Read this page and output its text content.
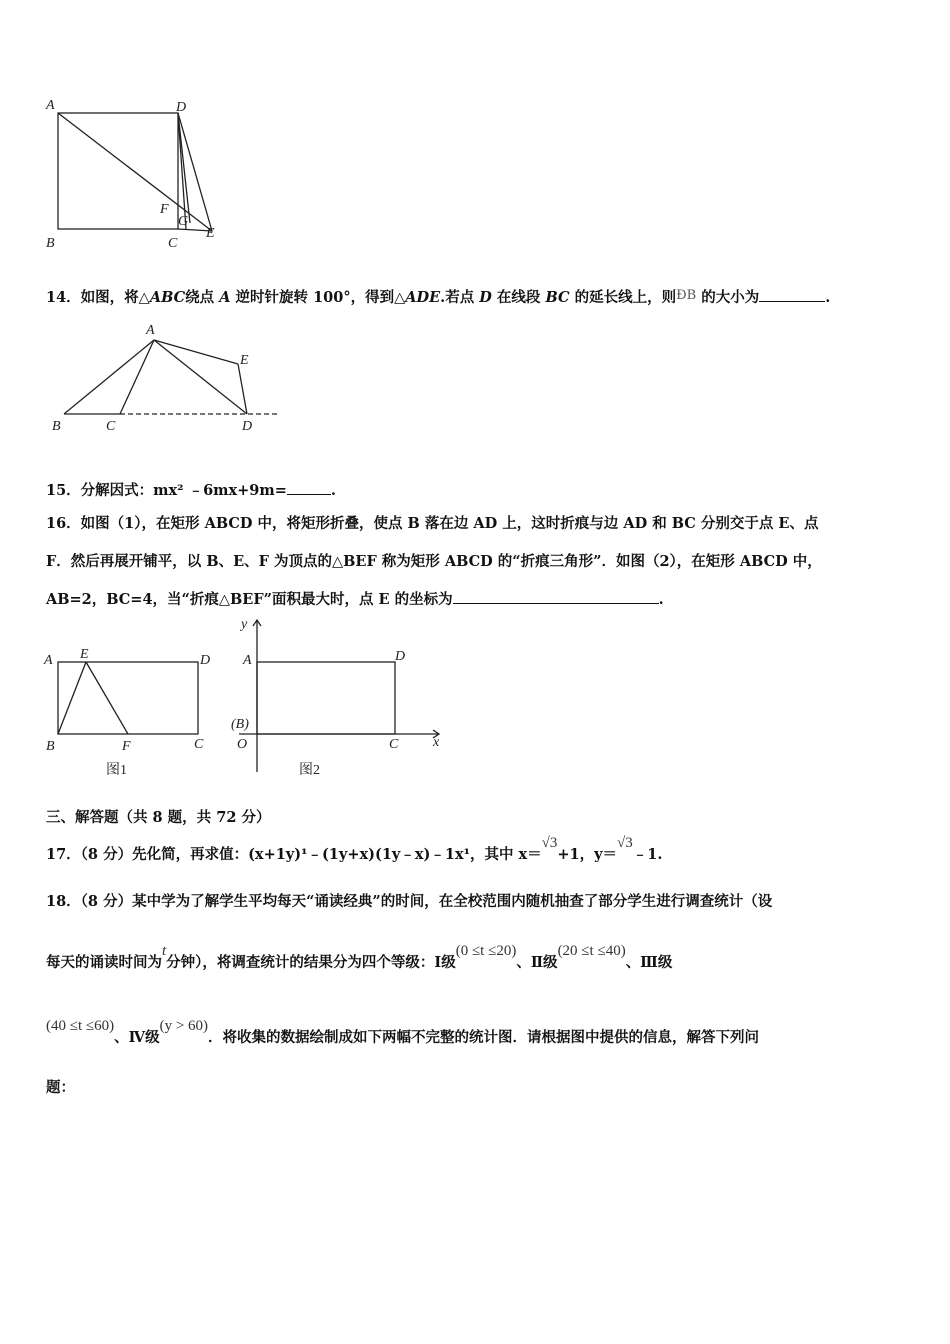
A	D
F
G
E
B	C
14．如图，将△ABC绕点 A 逆时针旋转 100°，得到△ADE.若点 D 在线段 BC 的延长线上，则ÐB 的大小为	.
A
E
B	C	D
15．分解因式：mx² ﹣6mx+9m=	.
16．如图（1），在矩形 ABCD 中，将矩形折叠，使点 B 落在边 AD 上，这时折痕与边 AD 和 BC 分别交于点 E、点
F．然后再展开铺平，以 B、E、F 为顶点的△BEF 称为矩形 ABCD 的“折痕三角形”．如图（2），在矩形 ABCD 中，
AB=2，BC=4，当“折痕△BEF”面积最大时，点 E 的坐标为	.
A E	D
B	F	C
图1
y
A	D
(B)
O	C x
图2
三、解答题（共 8 题，共 72 分）
17．（8 分）先化简，再求值：(x+1y)¹﹣(1y+x)(1y﹣x)﹣1x¹，其中 x＝√3+1，y＝√3﹣1.
18．（8 分）某中学为了解学生平均每天“诵读经典”的时间，在全校范围内随机抽查了部分学生进行调查统计（设
每天的诵读时间为t分钟），将调查统计的结果分为四个等级：Ⅰ级(0 ≤t ≤20)、Ⅱ级(20 ≤t ≤40)、Ⅲ级
(40 ≤t ≤60)、Ⅳ级(y > 60)．将收集的数据绘制成如下两幅不完整的统计图．请根据图中提供的信息，解答下列问
题：
